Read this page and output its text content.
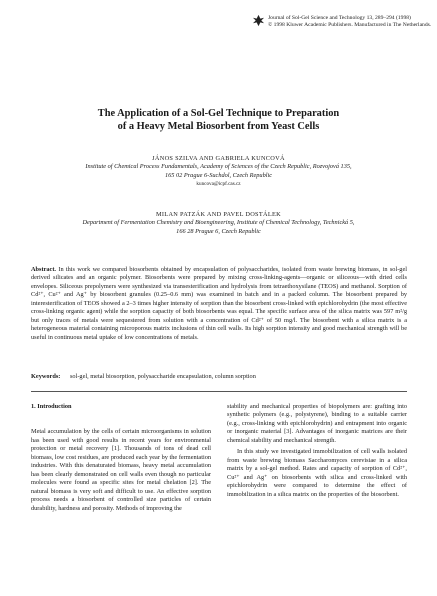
Journal of Sol-Gel Science and Technology 13, 289–294 (1998)
© 1998 Kluwer Academic Publishers. Manufactured in The Netherlands.
The Application of a Sol-Gel Technique to Preparation
of a Heavy Metal Biosorbent from Yeast Cells
JÁNOS SZILVA AND GABRIELA KUNCOVÁ
Institute of Chemical Process Fundamentals, Academy of Sciences of the Czech Republic, Rozvojová 135,
165 02 Prague 6-Suchdol, Czech Republic
kuncova@icpf.cas.cz
MILAN PATZÁK AND PAVEL DOSTÁLEK
Department of Fermentation Chemistry and Bioengineering, Institute of Chemical Technology, Technická 5,
166 28 Prague 6, Czech Republic
Abstract. In this work we compared biosorbents obtained by encapsulation of polysaccharides, isolated from waste brewing biomass, in sol-gel derived silicates and an organic polymer. Biosorbents were prepared by mixing cross-linking-agents—organic or siliceous—with dried cells envelopes. Siliceous prepolymers were synthesized via transesterification and hydrolysis from tetraethoxysilane (TEOS) and methanol. Sorption of Cd²⁺, Cu²⁺ and Ag⁺ by biosorbent granules (0.25–0.6 mm) was examined in batch and in a packed column. The biosorbent prepared by interesterification of TEOS showed a 2–3 times higher intensity of sorption than the biosorbent cross-linked with epichlorohydrin (the most effective cross-linking organic agent) while the sorption capacity of both biosorbents was equal. The specific surface area of the silica matrix was 597 m²/g but only traces of metals were sequestered from solution with a concentration of Cd²⁺ of 50 mg/l. The biosorbent with a silica matrix is a heterogeneous material containing microporous matrix inclusions of thin cell walls. Its high sorption intensity and good mechanical strength will be useful in continuous metal uptake of low concentrations of metals.
Keywords: sol-gel, metal biosorption, polysaccharide encapsulation, column sorption
1. Introduction

Metal accumulation by the cells of certain microorganisms in solution has been used with good results in recent years for environmental protection or metal recovery [1]. Thousands of tons of dead cell biomass, low cost residues, are produced each year by the fermentation industries. With this denaturated biomass, heavy metal accumulation has been clearly demonstrated on cell walls even though no particular molecules were found as specific sites for metal chelation [2]. The natural biomass is very soft and difficult to use. An effective sorption process needs a biosorbent of controlled size particles of certain durability, hardness and porosity. Methods of improving the

stability and mechanical properties of biopolymers are: grafting into synthetic polymers (e.g., polystyrene), binding to a suitable carrier (e.g., cross-linking with epichlorohydrin) and entrapment into organic or inorganic material [3]. Advantages of inorganic matrices are their chemical stability and mechanical strength.

In this study we investigated immobilization of cell walls isolated from waste brewing biomass Saccharomyces cerevisiae in a silica matrix by a sol-gel method. Rates and capacity of sorption of Cd²⁺, Cu²⁺ and Ag⁺ on biosorbents with silica and cross-linked with epichlorohydrin were compared to determine the effect of immobilization in a silica matrix on the properties of the biosorbent.
